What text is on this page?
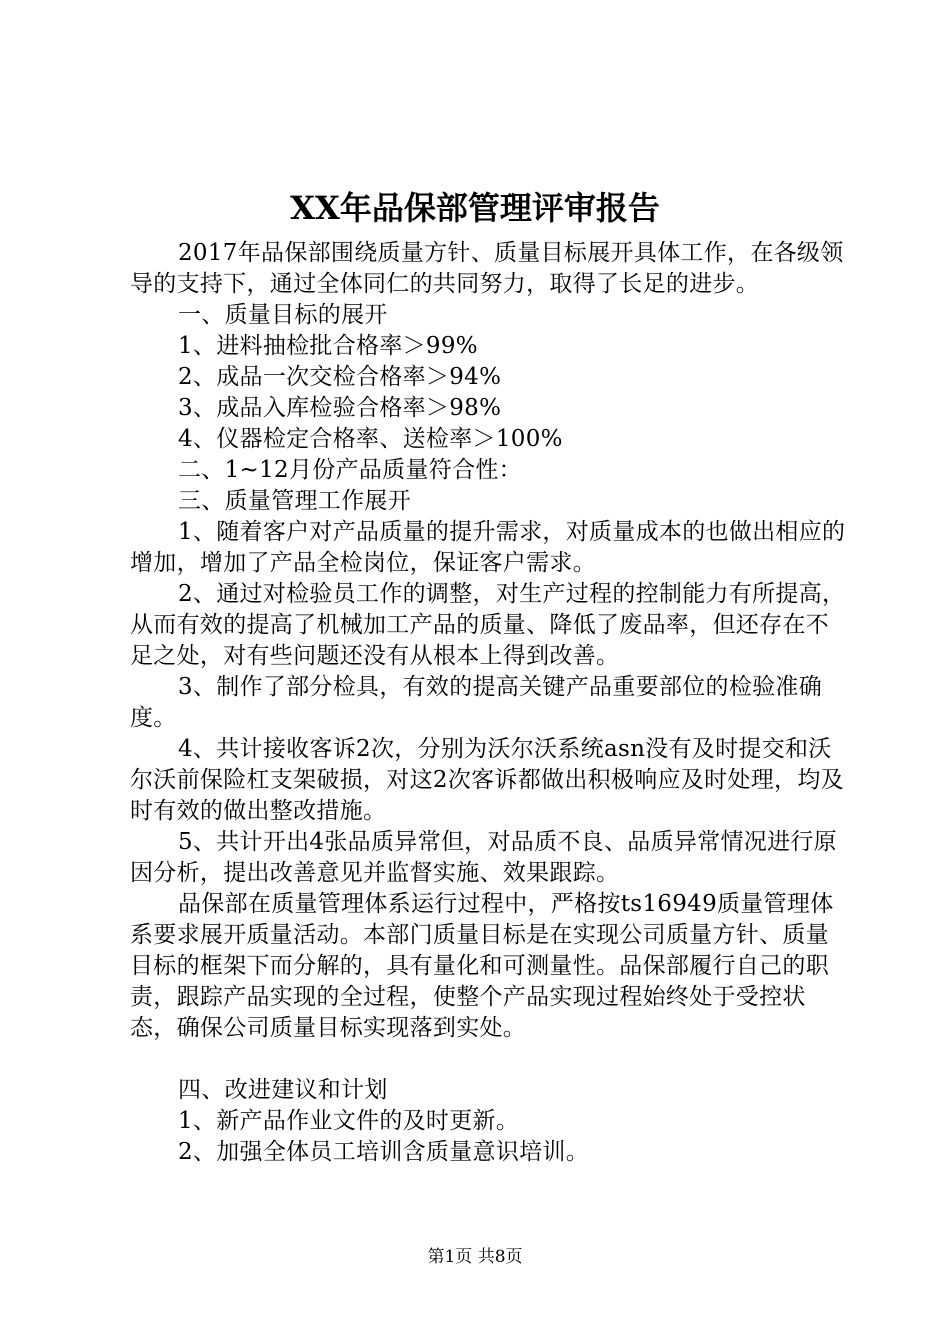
XX年品保部管理评审报告

2017年品保部围绕质量方针、质量目标展开具体工作，在各级领导的支持下，通过全体同仁的共同努力，取得了长足的进步。

一、质量目标的展开

1、进料抽检批合格率＞99%

2、成品一次交检合格率＞94%

3、成品入库检验合格率＞98%

4、仪器检定合格率、送检率＞100%

二、1~12月份产品质量符合性：

三、质量管理工作展开

1、随着客户对产品质量的提升需求，对质量成本的也做出相应的增加，增加了产品全检岗位，保证客户需求。

2、通过对检验员工作的调整，对生产过程的控制能力有所提高，从而有效的提高了机械加工产品的质量、降低了废品率，但还存在不足之处，对有些问题还没有从根本上得到改善。

3、制作了部分检具，有效的提高关键产品重要部位的检验准确度。

4、共计接收客诉2次，分别为沃尔沃系统asn没有及时提交和沃尔沃前保险杠支架破损，对这2次客诉都做出积极响应及时处理，均及时有效的做出整改措施。

5、共计开出4张品质异常但，对品质不良、品质异常情况进行原因分析，提出改善意见并监督实施、效果跟踪。

品保部在质量管理体系运行过程中，严格按ts16949质量管理体系要求展开质量活动。本部门质量目标是在实现公司质量方针、质量目标的框架下而分解的，具有量化和可测量性。品保部履行自己的职责，跟踪产品实现的全过程，使整个产品实现过程始终处于受控状态，确保公司质量目标实现落到实处。

四、改进建议和计划

1、新产品作业文件的及时更新。

2、加强全体员工培训含质量意识培训。

第1页 共8页
